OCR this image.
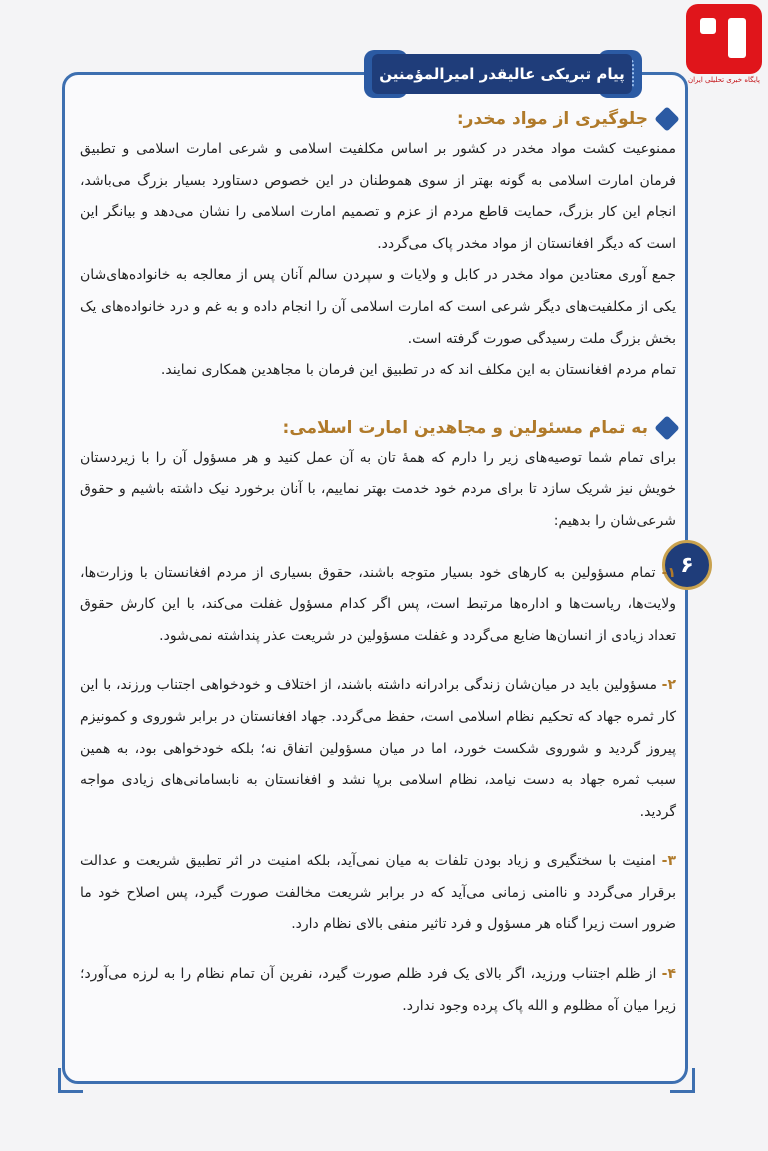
پیام تبریکی عالیقدر امیرالمؤمنین	پایگاه خبری تحلیلی ایران
۶
جلوگیری از مواد مخدر:

ممنوعیت کشت مواد مخدر در کشور بر اساس مکلفیت اسلامی و شرعی امارت اسلامی و تطبیق فرمان امارت اسلامی به گونه بهتر از سوی هموطنان در این خصوص دستاورد بسیار بزرگ می‌باشد، انجام این کار بزرگ، حمایت قاطع مردم از عزم و تصمیم امارت اسلامی را نشان می‌دهد و بیانگر این است که دیگر افغانستان از مواد مخدر پاک می‌گردد.

جمع آوری معتادین مواد مخدر در کابل و ولایات و سپردن سالم آنان پس از معالجه به خانواده‌های‌شان یکی از مکلفیت‌های دیگر شرعی است که امارت اسلامی آن را انجام داده و به غم و درد خانواده‌های یک بخش بزرگ ملت رسیدگی صورت گرفته است.

تمام مردم افغانستان به این مکلف اند که در تطبیق این فرمان با مجاهدین همکاری نمایند.

به تمام مسئولین و مجاهدین امارت اسلامی:

برای تمام شما توصیه‌های زیر را دارم که همهٔ تان به آن عمل کنید و هر مسؤول آن را با زیردستان خویش نیز شریک سازد تا برای مردم خود خدمت بهتر نماییم، با آنان برخورد نیک داشته باشیم و حقوق شرعی‌شان را بدهیم:

۱- تمام مسؤولین به کارهای خود بسیار متوجه باشند، حقوق بسیاری از مردم افغانستان با وزارت‌ها، ولایت‌ها، ریاست‌ها و اداره‌ها مرتبط است، پس اگر کدام مسؤول غفلت می‌کند، با این کارش حقوق تعداد زیادی از انسان‌ها ضایع می‌گردد و غفلت مسؤولین در شریعت عذر پنداشته نمی‌شود.

۲- مسؤولین باید در میان‌شان زندگی برادرانه داشته باشند، از اختلاف و خودخواهی اجتناب ورزند، با این کار ثمره جهاد که تحکیم نظام اسلامی است، حفظ می‌گردد. جهاد افغانستان در برابر شوروی و کمونیزم پیروز گردید و شوروی شکست خورد، اما در میان مسؤولین اتفاق نه؛ بلکه خودخواهی بود، به همین سبب ثمره جهاد به دست نیامد، نظام اسلامی برپا نشد و افغانستان به نابسامانی‌های زیادی مواجه گردید.

۳- امنیت با سختگیری و زیاد بودن تلفات به میان نمی‌آید، بلکه امنیت در اثر تطبیق شریعت و عدالت برقرار می‌گردد و ناامنی زمانی می‌آید که در برابر شریعت مخالفت صورت گیرد، پس اصلاح خود ما ضرور است زیرا گناه هر مسؤول و فرد تاثیر منفی بالای نظام دارد.

۴- از ظلم اجتناب ورزید، اگر بالای یک فرد ظلم صورت گیرد، نفرین آن تمام نظام را به لرزه می‌آورد؛ زیرا میان آه مظلوم و الله پاک پرده وجود ندارد.
